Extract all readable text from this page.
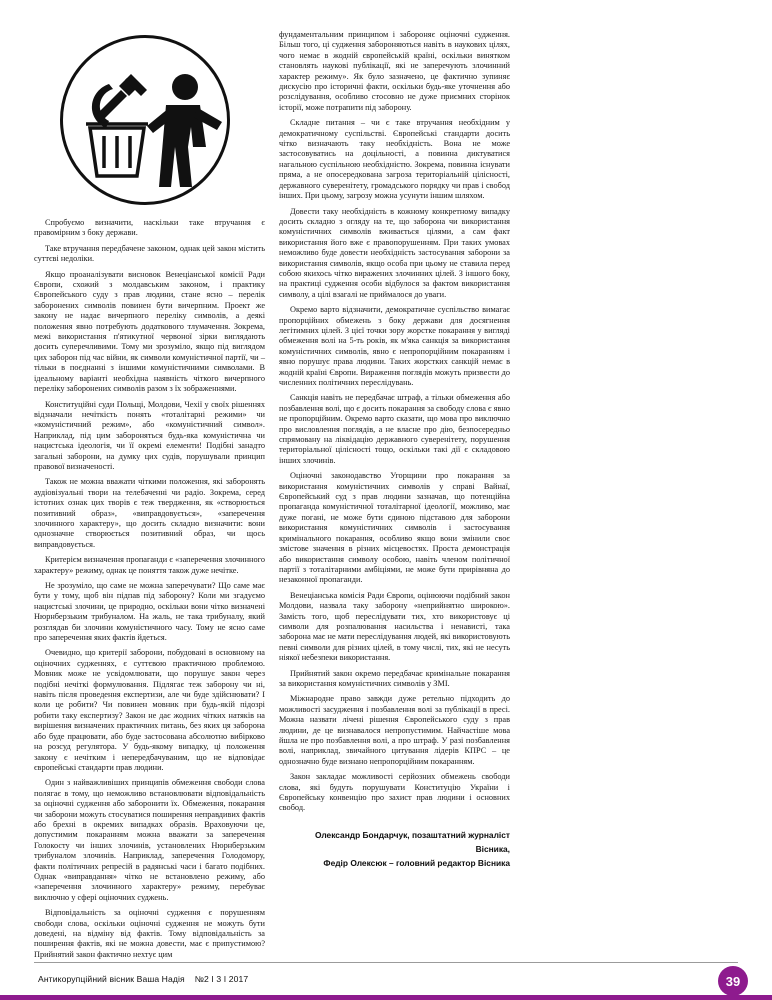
Спробуємо визначити, наскільки таке втручання є правомірним з боку держави.

Таке втручання передбачене законом, однак цей закон містить суттєві недоліки.

Якщо проаналізувати висновок Венеціанської комісії Ради Європи, схожий з молдавським законом, і практику Європейського суду з прав людини, стане ясно – перелік заборонених символів повинен бути вичерпним. Проект же закону не надає вичерпного переліку символів, а деякі положення явно потребують додаткового тлумачення. Зокрема, межі використання п'ятикутної червоної зірки виглядають досить суперечливими. Тому ми зрозуміло, якщо під виглядом цих заборон під час війни, як символи комуністичної партії, чи –тільки в поєднанні з іншими комуністичними символами. В ідеальному варіанті необхідна наявність чіткого вичерпного переліку заборонених символів разом з їх зображеннями.

Конституційні суди Польщі, Молдови, Чехії у своїх рішеннях відзначали нечіткість понять «тоталітарні режими» чи «комуністичний режим», або «комуністичний символ». Наприклад, під цим забороняться будь-яка комуністична чи нацистська ідеологія, чи її окремі елементи! Подібні занадто загальні заборони, на думку цих судів, порушували принцип правової визначеності.

Також не можна вважати чіткими положення, які заборонять аудіовізуальні твори на телебаченні чи радіо. Зокрема, серед істотних ознак цих творів є теж твердження, як «створюється позитивний образ», «виправдовується», «заперечення злочинного характеру», що досить складно визначити: вони однозначне створюється позитивний образ, чи щось виправдовується.

Критерієм визначення пропаганди є «заперечення злочинного характеру» режиму, однак це поняття також дуже нечітке.

Не зрозуміло, що саме не можна заперечувати? Що саме має бути у тому, щоб він підпав під заборону? Коли ми згадуємо нацистські злочини, це природно, оскільки вони чітко визначені Нюрнберзьким трибуналом. На жаль, не така трибуналу, який розглядав би злочини комуністичного часу. Тому не ясно саме про заперечення яких фактів йдеться.

Очевидно, що критерії заборони, побудовані в основному на оціночних судженнях, є суттєвою практичною проблемою. Мовник може не усвідомлювати, що порушує закон через подібні нечіткі формулювання. Підлягає теж заборону чи ні, навіть після проведення експертизи, але чи буде здійснювати? І коли це робити? Чи повинен мовник при будь-якій підозрі робити таку експертизу? Закон не дає жодних чітких натяків на вирішення визначених практичних питань, без яких ця заборона або буде працювати, або буде застосована абсолютно вибірково на розсуд регулятора. У будь-якому випадку, ці положення закону є нечітким і непередбачуваним, що не відповідає європейські стандарти прав людини.

Один з найважливіших принципів обмеження свободи слова полягає в тому, що неможливо встановлювати відповідальність за оціночні судження або заборонити їх. Обмеження, покарання чи заборони можуть стосуватися поширення неправдивих фактів або брехні в окремих випадках образів. Враховуючи це, допустимим покаранням можна вважати за заперечення Голокосту чи інших злочинів, установлених Нюрнберзьким трибуналом злочинів. Наприклад, заперечення Голодомору, факти політичних репресій в радянські часи і багато подібних. Однак «виправдання» чітко не встановлено режиму, або «заперечення злочинного характеру» режиму, перебуває виключно у сфері оціночних суджень.

Відповідальність за оціночні судження є порушенням свободи слова, оскільки оціночні судження не можуть бути доведені, на відміну від фактів. Тому відповідальність за поширення фактів, які не можна довести, має є припустимою? Прийнятий закон фактично нехтує цим

фундаментальним принципом і забороняє оціночні судження. Більш того, ці судження забороняються навіть в наукових цілях, чого немає в жодній європейській країні, оскільки винятком становлять наукові публікації, які не заперечують злочинний характер режиму». Як було зазначено, це фактично зупиняє дискусію про історичні факти, оскільки будь-яке уточнення або розслідування, особливо стосовно не дуже приємних сторінок історії, може потрапити під заборону.

Складне питання – чи є таке втручання необхідним у демократичному суспільстві. Європейські стандарти досить чітко визначають таку необхідність. Вона не може застосовуватись на доцільності, а повинна диктуватися нагальною суспільною необхідністю. Зокрема, повинна існувати пряма, а не опосередкована загроза територіальній цілісності, державного суверенітету, громадського порядку чи прав і свобод інших. При цьому, загрозу можна усунути іншим шляхом.

Довести таку необхідність в кожному конкретному випадку досить складно з огляду на те, що заборона чи використання комуністичних символів вживається цілями, а сам факт використання його вже є правопорушенням. При таких умовах неможливо буде довести необхідність застосування заборони за використання символів, якщо особа при цьому не ставила перед собою якихось чітко виражених злочинних цілей. З іншого боку, на практиці судження особи відбулося за фактом використання символу, а цілі взагалі не приймалося до уваги.

Окремо варто відзначити, демократичне суспільство вимагає пропорційних обмежень з боку держави для досягнення легітимних цілей. З цієї точки зору жорстке покарання у вигляді обмеження волі на 5-ть років, як м'яка санкція за використання комуністичних символів, явно є непропорційним покаранням і явно порушує права людини. Таких жорстких санкцій немає в жодній країні Європи. Вираження поглядів можуть призвести до численних політичних переслідувань.

Санкція навіть не передбачає штраф, а тільки обмеження або позбавлення волі, що є досить покарання за свободу слова є явно не пропорційним. Окремо варто сказати, що мова про виключно про висловлення поглядів, а не власне про дію, безпосередньо спрямовану на ліквідацію державного суверенітету, порушення територіальної цілісності тощо, оскільки такі дії є складовою інших злочинів.

Оціночні законодавство Угорщини про покарання за використання комуністичних символів у справі Вайнаї, Європейський суд з прав людини зазначав, що потенційна пропаганда комуністичної тоталітарної ідеології, можливо, має дуже погані, не може бути єдиною підставою для заборони використання комуністичних символів і застосування кримінального покарання, особливо якщо вони змінили своє змістове значення в різних місцевостях. Проста демонстрація або використання символу особою, навіть членом політичної партії з тоталітарними амбіціями, не може бути прирівняна до незаконної пропаганди.

Венеціанська комісія Ради Європи, оцінюючи подібний закон Молдови, назвала таку заборону «неприйнятно широкою». Замість того, щоб переслідувати тих, хто використовує ці символи для розпалювання насильства і ненависті, така заборона має не мати переслідування людей, які використовують певні символи для різних цілей, в тому числі, тих, які не несуть ніякої небезпеки використання.

Прийнятий закон окремо передбачає кримінальне покарання за використання комуністичних символів у ЗМІ.

Міжнародне право завжди дуже ретельно підходить до можливості засудження і позбавлення волі за публікації в пресі. Можна назвати лічені рішення Європейського суду з прав людини, де це визнавалося непропустимим. Найчастіше мова йшла не про позбавлення волі, а про штраф. У разі позбавлення волі, наприклад, звичайного цитування лідерів КПРС – це однозначно буде визнано непропорційним покаранням.

Закон закладає можливості серйозних обмежень свободи слова, які будуть порушувати Конституцію України і Європейську конвенцію про захист прав людини і основних свобод.

Олександр Бондарчук, позаштатний журналіст Вісника,
Федір Олексюк – головний редактор Вісника
Антикорупційний вісник Ваша Надія №2 І 3 І 2017	39
